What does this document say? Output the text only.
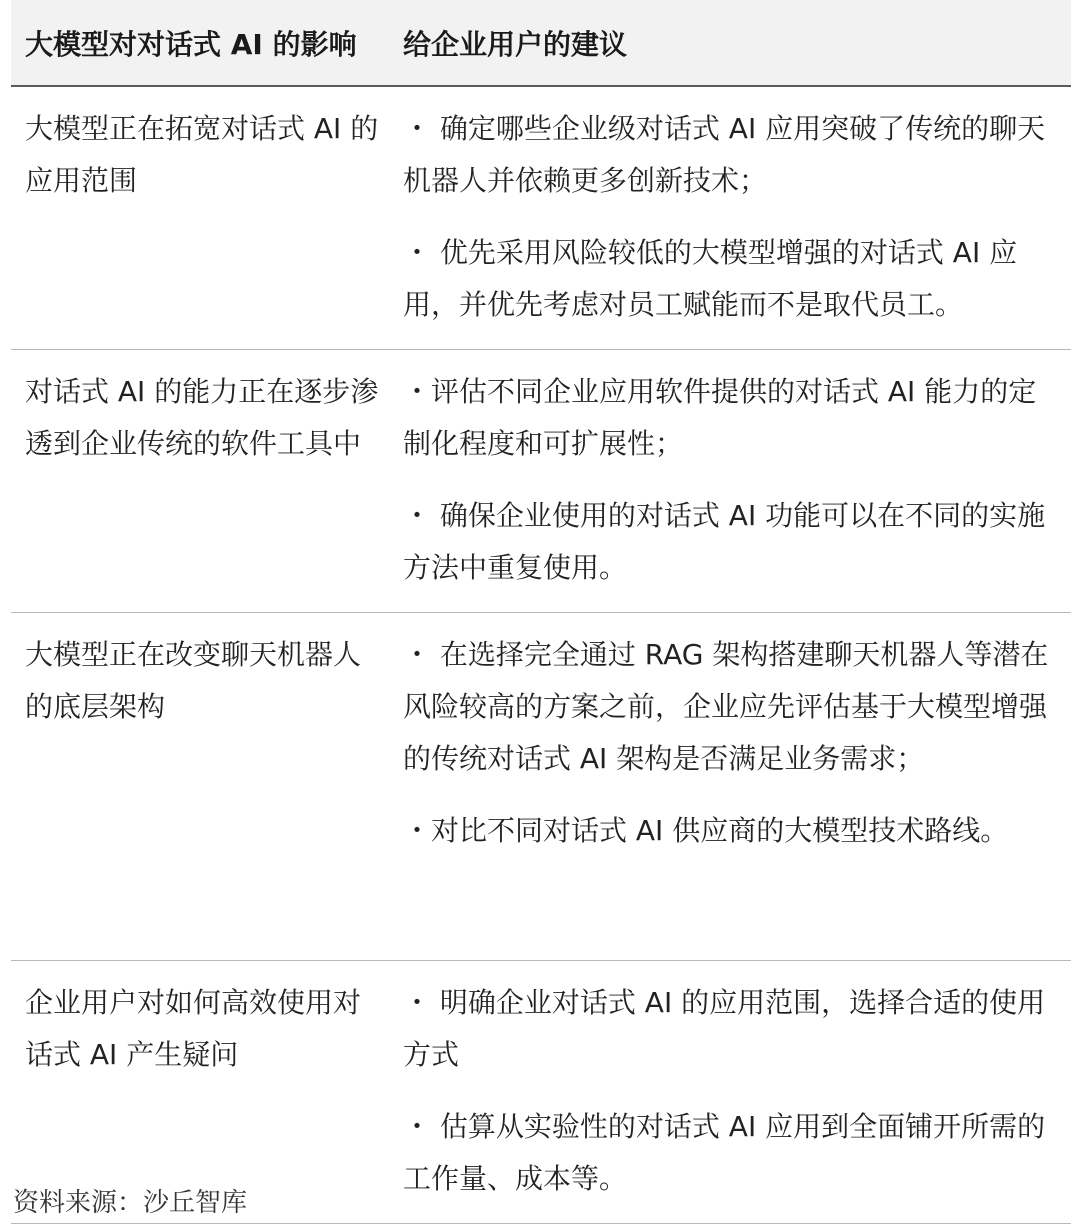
大模型对对话式 AI 的影响	给企业用户的建议
大模型正在拓宽对话式 AI 的应用范围	・ 确定哪些企业级对话式 AI 应用突破了传统的聊天机器人并依赖更多创新技术；
・ 优先采用风险较低的大模型增强的对话式 AI 应用，并优先考虑对员工赋能而不是取代员工。

对话式 AI 的能力正在逐步渗透到企业传统的软件工具中	・评估不同企业应用软件提供的对话式 AI 能力的定制化程度和可扩展性；
・ 确保企业使用的对话式 AI 功能可以在不同的实施方法中重复使用。

大模型正在改变聊天机器人的底层架构	・ 在选择完全通过 RAG 架构搭建聊天机器人等潜在风险较高的方案之前，企业应先评估基于大模型增强的传统对话式 AI 架构是否满足业务需求；
・对比不同对话式 AI 供应商的大模型技术路线。

企业用户对如何高效使用对话式 AI 产生疑问	・ 明确企业对话式 AI 的应用范围，选择合适的使用方式
・ 估算从实验性的对话式 AI 应用到全面铺开所需的工作量、成本等。
资料来源：沙丘智库
